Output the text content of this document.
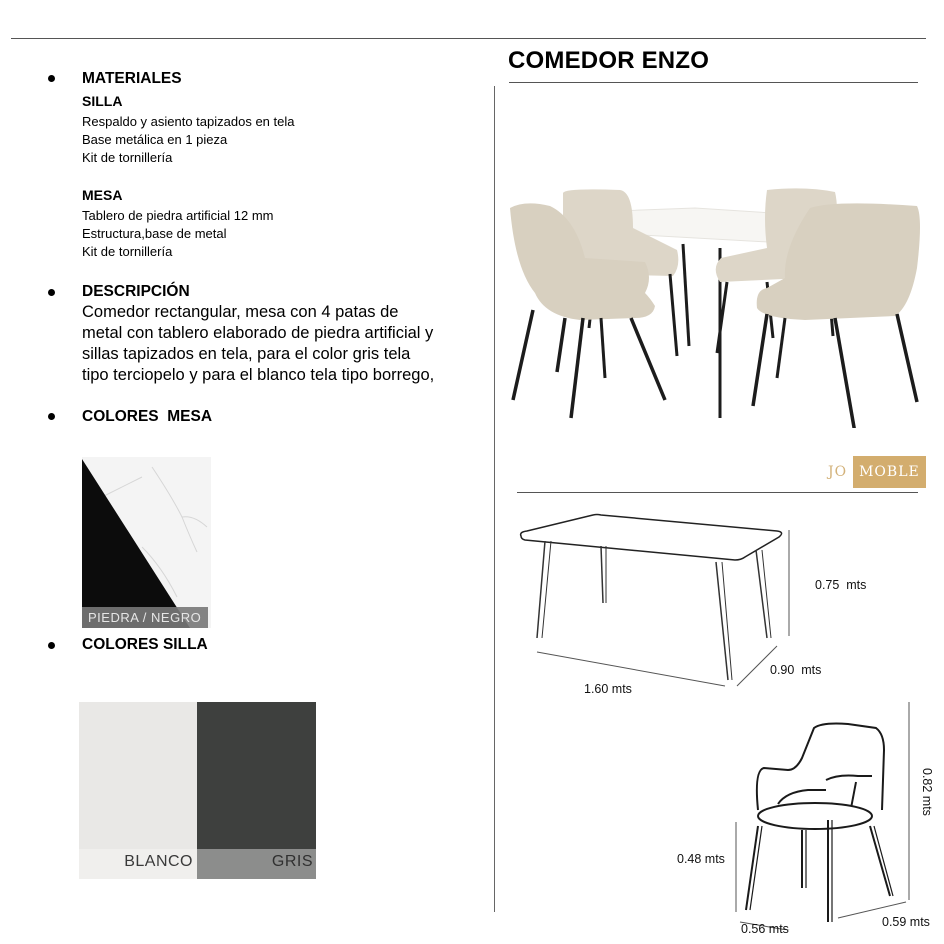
COMEDOR ENZO
MATERIALES
SILLA
Respaldo y asiento tapizados en tela
Base metálica en 1 pieza
Kit de tornillería
MESA
Tablero de piedra artificial 12 mm
Estructura,base de metal
Kit de tornillería
DESCRIPCIÓN
Comedor rectangular, mesa con 4 patas de
metal con tablero elaborado de piedra artificial y
sillas tapizados en tela, para el color gris tela
tipo terciopelo y para el blanco tela tipo borrego,
COLORES  MESA
PIEDRA / NEGRO
COLORES SILLA
BLANCO	GRIS
JO MOBLE
0.75  mts
0.90  mts
1.60 mts
0.82 mts
0.48 mts
0.56 mts	0.59 mts
